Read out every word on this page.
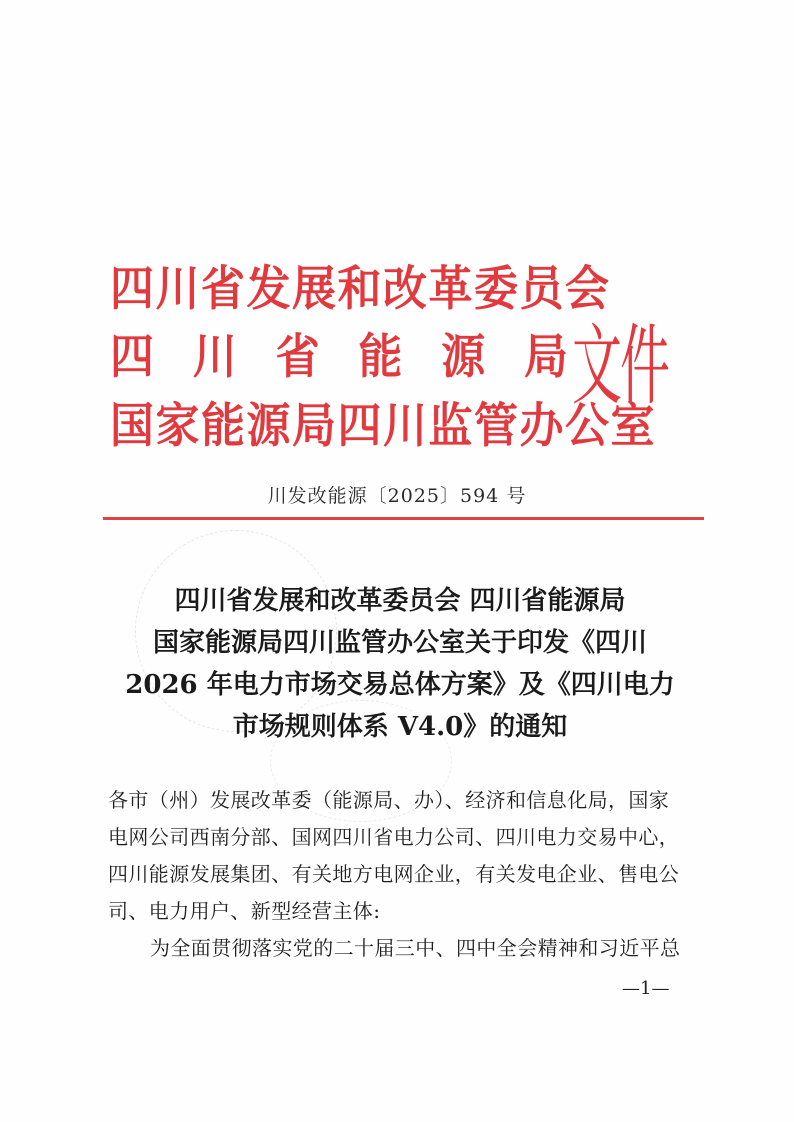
四川省发展和改革委员会
四 川 省 能 源 局
国家能源局四川监管办公室
文件
川发改能源〔2025〕594 号
四川省发展和改革委员会 四川省能源局
国家能源局四川监管办公室关于印发《四川
2026 年电力市场交易总体方案》及《四川电力
市场规则体系 V4.0》的通知
各市（州）发展改革委（能源局、办）、经济和信息化局，国家
电网公司西南分部、国网四川省电力公司、四川电力交易中心，
四川能源发展集团、有关地方电网企业，有关发电企业、售电公
司、电力用户、新型经营主体:
为全面贯彻落实党的二十届三中、四中全会精神和习近平总
—1—
